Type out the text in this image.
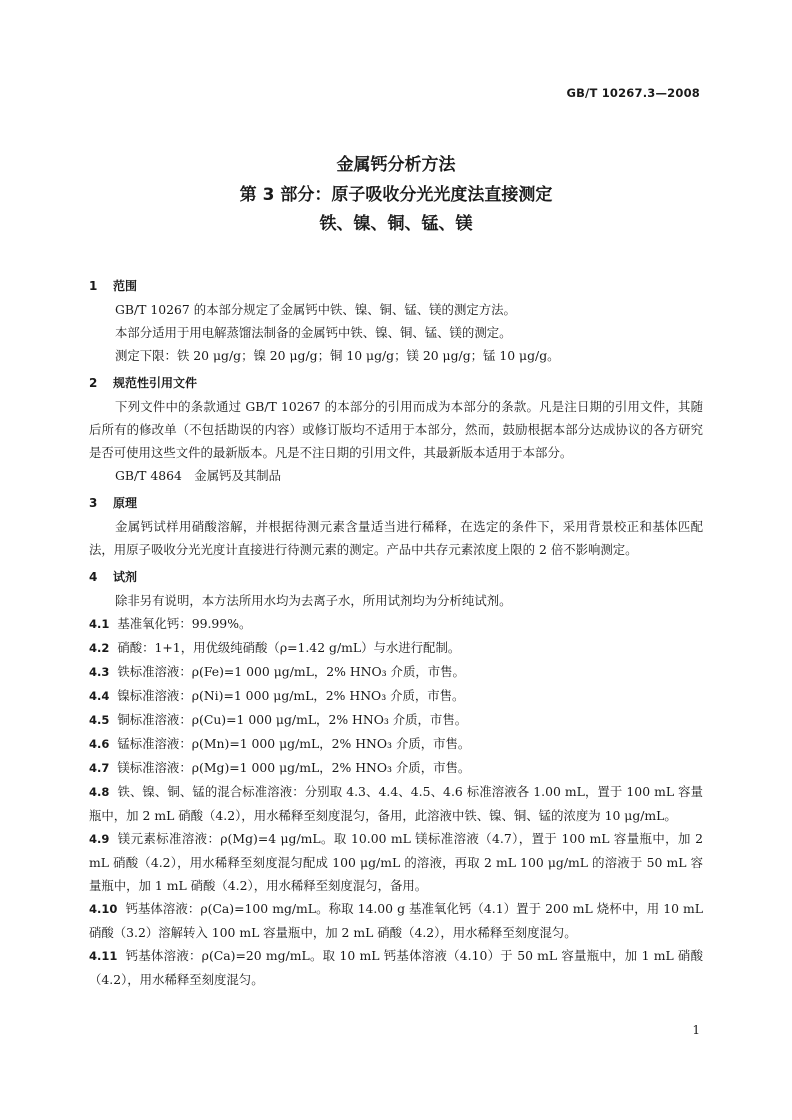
GB/T 10267.3—2008
金属钙分析方法
第 3 部分：原子吸收分光光度法直接测定
铁、镍、铜、锰、镁
1 范围
GB/T 10267 的本部分规定了金属钙中铁、镍、铜、锰、镁的测定方法。
本部分适用于用电解蒸馏法制备的金属钙中铁、镍、铜、锰、镁的测定。
测定下限：铁 20 μg/g；镍 20 μg/g；铜 10 μg/g；镁 20 μg/g；锰 10 μg/g。
2 规范性引用文件
下列文件中的条款通过 GB/T 10267 的本部分的引用而成为本部分的条款。凡是注日期的引用文件，其随后所有的修改单（不包括勘误的内容）或修订版均不适用于本部分，然而，鼓励根据本部分达成协议的各方研究是否可使用这些文件的最新版本。凡是不注日期的引用文件，其最新版本适用于本部分。
GB/T 4864　金属钙及其制品
3 原理
金属钙试样用硝酸溶解，并根据待测元素含量适当进行稀释，在选定的条件下，采用背景校正和基体匹配法，用原子吸收分光光度计直接进行待测元素的测定。产品中共存元素浓度上限的 2 倍不影响测定。
4 试剂
除非另有说明，本方法所用水均为去离子水，所用试剂均为分析纯试剂。
4.1 基准氧化钙：99.99%。
4.2 硝酸：1+1，用优级纯硝酸（ρ=1.42 g/mL）与水进行配制。
4.3 铁标准溶液：ρ(Fe)=1 000 μg/mL，2% HNO₃ 介质，市售。
4.4 镍标准溶液：ρ(Ni)=1 000 μg/mL，2% HNO₃ 介质，市售。
4.5 铜标准溶液：ρ(Cu)=1 000 μg/mL，2% HNO₃ 介质，市售。
4.6 锰标准溶液：ρ(Mn)=1 000 μg/mL，2% HNO₃ 介质，市售。
4.7 镁标准溶液：ρ(Mg)=1 000 μg/mL，2% HNO₃ 介质，市售。
4.8 铁、镍、铜、锰的混合标准溶液：分别取 4.3、4.4、4.5、4.6 标准溶液各 1.00 mL，置于 100 mL 容量瓶中，加 2 mL 硝酸（4.2），用水稀释至刻度混匀，备用，此溶液中铁、镍、铜、锰的浓度为 10 μg/mL。
4.9 镁元素标准溶液：ρ(Mg)=4 μg/mL。取 10.00 mL 镁标准溶液（4.7），置于 100 mL 容量瓶中，加 2 mL 硝酸（4.2），用水稀释至刻度混匀配成 100 μg/mL 的溶液，再取 2 mL 100 μg/mL 的溶液于 50 mL 容量瓶中，加 1 mL 硝酸（4.2），用水稀释至刻度混匀，备用。
4.10 钙基体溶液：ρ(Ca)=100 mg/mL。称取 14.00 g 基准氧化钙（4.1）置于 200 mL 烧杯中，用 10 mL 硝酸（3.2）溶解转入 100 mL 容量瓶中，加 2 mL 硝酸（4.2），用水稀释至刻度混匀。
4.11 钙基体溶液：ρ(Ca)=20 mg/mL。取 10 mL 钙基体溶液（4.10）于 50 mL 容量瓶中，加 1 mL 硝酸（4.2），用水稀释至刻度混匀。
1
